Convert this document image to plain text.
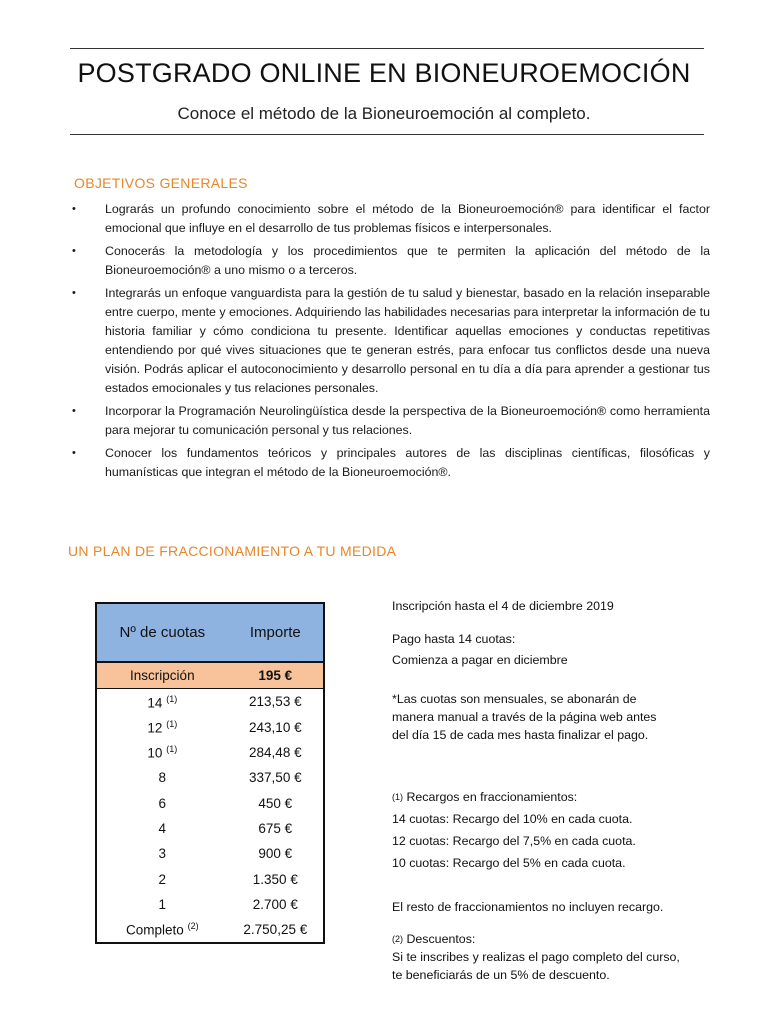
POSTGRADO ONLINE EN BIONEUROEMOCIÓN
Conoce el método de la Bioneuroemoción al completo.
OBJETIVOS GENERALES
• Lograrás un profundo conocimiento sobre el método de la Bioneuroemoción® para identificar el factor emocional que influye en el desarrollo de tus problemas físicos e interpersonales.
• Conocerás la metodología y los procedimientos que te permiten la aplicación del método de la Bioneuroemoción® a uno mismo o a terceros.
• Integrarás un enfoque vanguardista para la gestión de tu salud y bienestar, basado en la relación inseparable entre cuerpo, mente y emociones. Adquiriendo las habilidades necesarias para interpretar la información de tu historia familiar y cómo condiciona tu presente. Identificar aquellas emociones y conductas repetitivas entendiendo por qué vives situaciones que te generan estrés, para enfocar tus conflictos desde una nueva visión. Podrás aplicar el autoconocimiento y desarrollo personal en tu día a día para aprender a gestionar tus estados emocionales y tus relaciones personales.
• Incorporar la Programación Neurolingüística desde la perspectiva de la Bioneuroemoción® como herramienta para mejorar tu comunicación personal y tus relaciones.
• Conocer los fundamentos teóricos y principales autores de las disciplinas científicas, filosóficas y humanísticas que integran el método de la Bioneuroemoción®.
UN PLAN DE FRACCIONAMIENTO A TU MEDIDA
Nº de cuotas	Importe
Inscripción	195 €
14 $^{(1)}$	213,53 €
12 $^{(1)}$	243,10 €
10 $^{(1)}$	284,48 €
8	337,50 €
6	450 €
4	675 €
3	900 €
2	1.350 €
1	2.700 €
Completo $^{(2)}$	2.750,25 €
Inscripción hasta el 4 de diciembre 2019
Pago hasta 14 cuotas:
Comienza a pagar en diciembre
*Las cuotas son mensuales, se abonarán de manera manual a través de la página web antes del día 15 de cada mes hasta finalizar el pago.
(1) Recargos en fraccionamientos:
14 cuotas: Recargo del 10% en cada cuota.
12 cuotas: Recargo del 7,5% en cada cuota.
10 cuotas: Recargo del 5% en cada cuota.
El resto de fraccionamientos no incluyen recargo.
(2) Descuentos:
Si te inscribes y realizas el pago completo del curso, te beneficiarás de un 5% de descuento.
